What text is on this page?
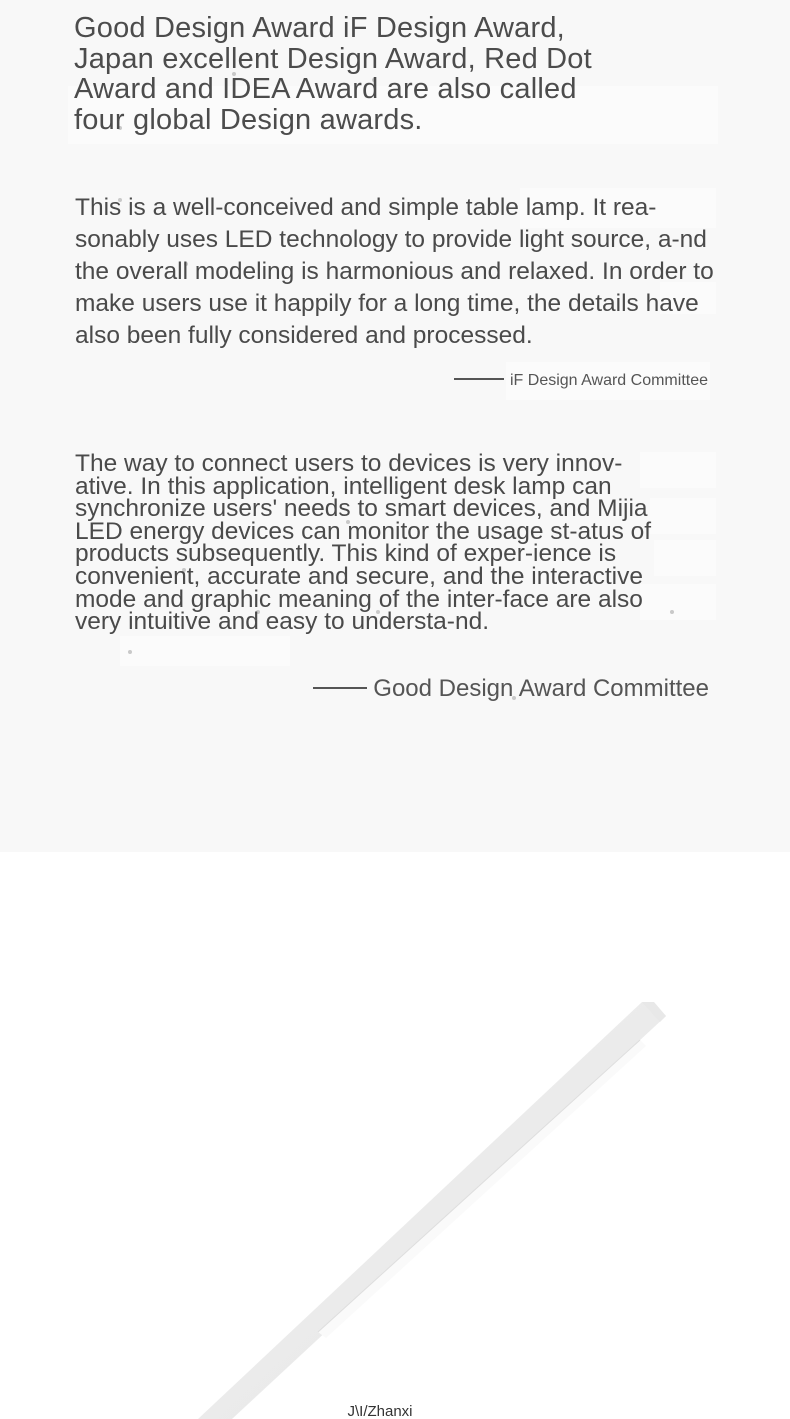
Good Design Award iF Design Award, Japan excellent Design Award, Red Dot Award and IDEA Award are also called four global Design awards.

This is a well-conceived and simple table lamp. It rea-sonably uses LED technology to provide light source, a-nd the overall modeling is harmonious and relaxed. In order to make users use it happily for a long time, the details have also been fully considered and processed.

iF Design Award Committee

The way to connect users to devices is very innov-ative. In this application, intelligent desk lamp can synchronize users' needs to smart devices, and Mijia LED energy devices can monitor the usage st-atus of products subsequently. This kind of exper-ience is convenient, accurate and secure, and the interactive mode and graphic meaning of the inter-face are also very intuitive and easy to understa-nd.

Good Design Award Committee
J\I/Zhanxi
